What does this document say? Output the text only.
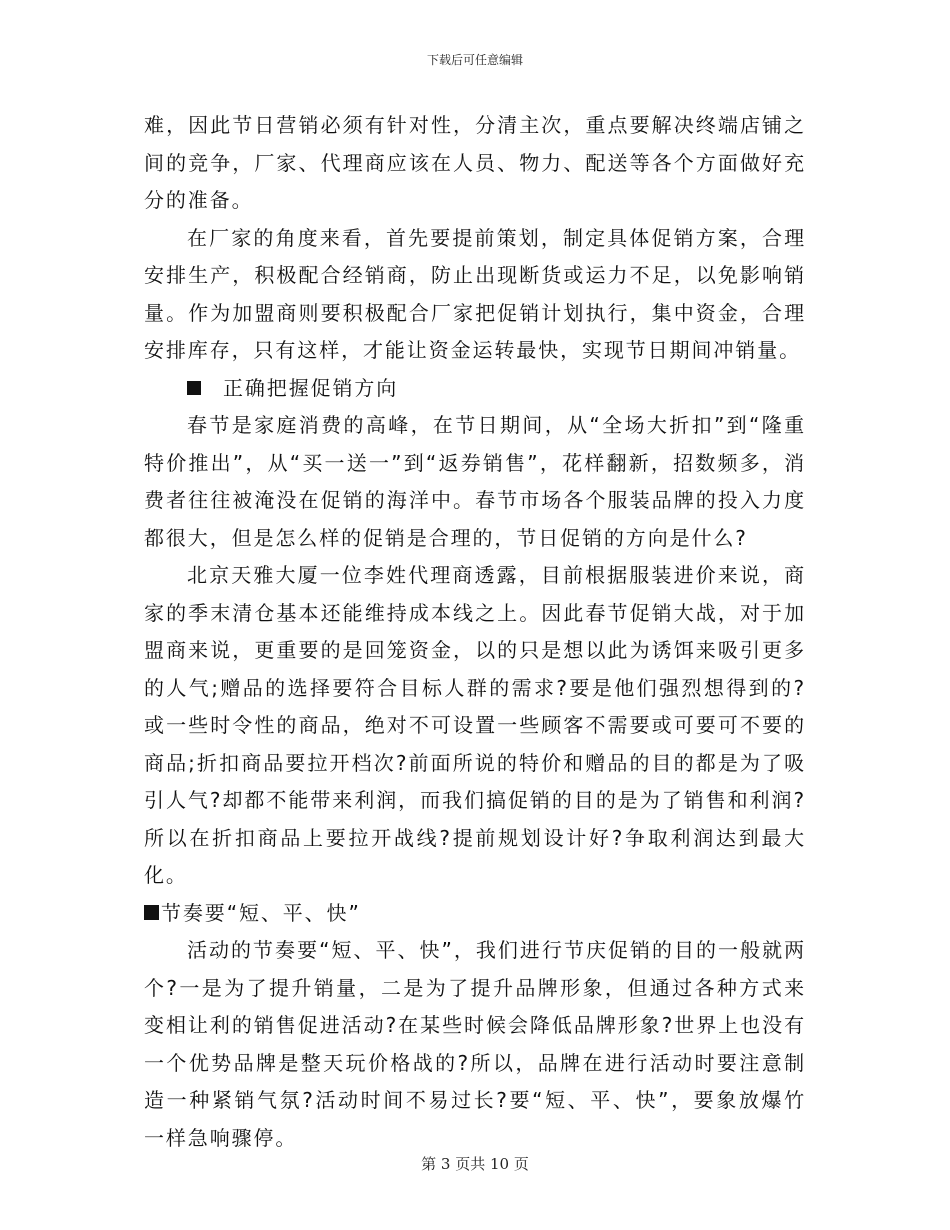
下载后可任意编辑

难，因此节日营销必须有针对性，分清主次，重点要解决终端店铺之间的竞争，厂家、代理商应该在人员、物力、配送等各个方面做好充分的准备。

在厂家的角度来看，首先要提前策划，制定具体促销方案，合理安排生产，积极配合经销商，防止出现断货或运力不足，以免影响销量。作为加盟商则要积极配合厂家把促销计划执行，集中资金，合理安排库存，只有这样，才能让资金运转最快，实现节日期间冲销量。

正确把握促销方向

春节是家庭消费的高峰，在节日期间，从“全场大折扣”到“隆重特价推出”，从“买一送一”到“返券销售”，花样翻新，招数频多，消费者往往被淹没在促销的海洋中。春节市场各个服装品牌的投入力度都很大，但是怎么样的促销是合理的，节日促销的方向是什么?

北京天雅大厦一位李姓代理商透露，目前根据服装进价来说，商家的季末清仓基本还能维持成本线之上。因此春节促销大战，对于加盟商来说，更重要的是回笼资金，以的只是想以此为诱饵来吸引更多的人气;赠品的选择要符合目标人群的需求?要是他们强烈想得到的?或一些时令性的商品，绝对不可设置一些顾客不需要或可要可不要的商品;折扣商品要拉开档次?前面所说的特价和赠品的目的都是为了吸引人气?却都不能带来利润，而我们搞促销的目的是为了销售和利润?所以在折扣商品上要拉开战线?提前规划设计好?争取利润达到最大化。

节奏要“短、平、快”

活动的节奏要“短、平、快”，我们进行节庆促销的目的一般就两个?一是为了提升销量，二是为了提升品牌形象，但通过各种方式来变相让利的销售促进活动?在某些时候会降低品牌形象?世界上也没有一个优势品牌是整天玩价格战的?所以，品牌在进行活动时要注意制造一种紧销气氛?活动时间不易过长?要“短、平、快”，要象放爆竹一样急响骤停。

第 3 页共 10 页
